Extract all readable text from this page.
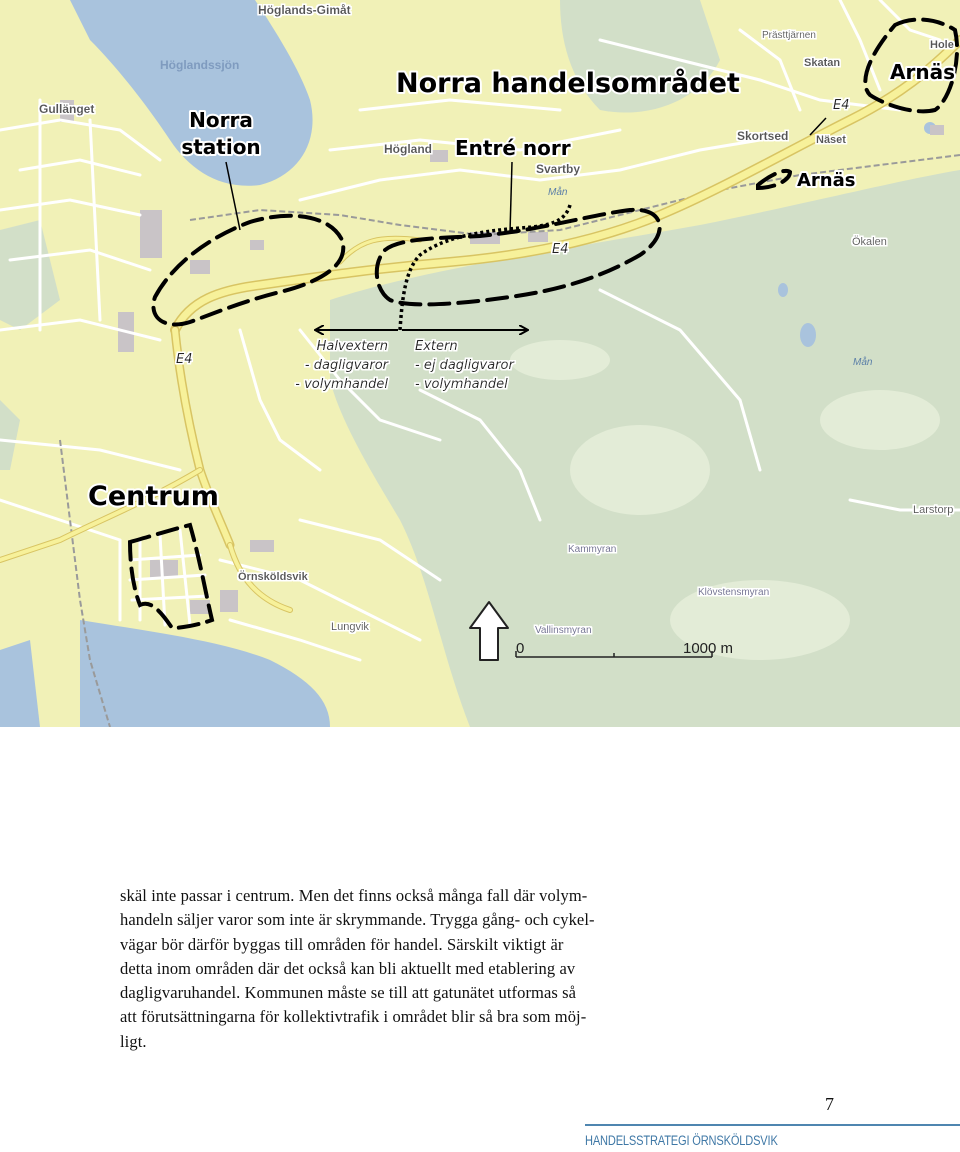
Höglands-Gimåt
Gullänget
Högland
Svartby
Skortsed
Skatan
Hole
Näset
Örnsköldsvik
Ökalen
Larstorp
Prästtjärnen
Kammyran
Klövstensmyran
Vallinsmyran
Lungvik
Höglandssjön
Mån
Mån
E4
E4
E4
Halvextern
- dagligvaror
- volymhandel
Extern
- ej dagligvaror
- volymhandel
0	1000 m
Norra handelsområdet
Norra
station	Entré norr
Arnäs
Arnäs
Centrum
skäl inte passar i centrum. Men det finns också många fall där volym-
handeln säljer varor som inte är skrymmande. Trygga gång- och cykel-
vägar bör därför byggas till områden för handel. Särskilt viktigt är
detta inom områden där det också kan bli aktuellt med etablering av
dagligvaruhandel. Kommunen måste se till att gatunätet utformas så
att förutsättningarna för kollektivtrafik i området blir så bra som möj-
ligt.
7
HANDELSSTRATEGI ÖRNSKÖLDSVIK
